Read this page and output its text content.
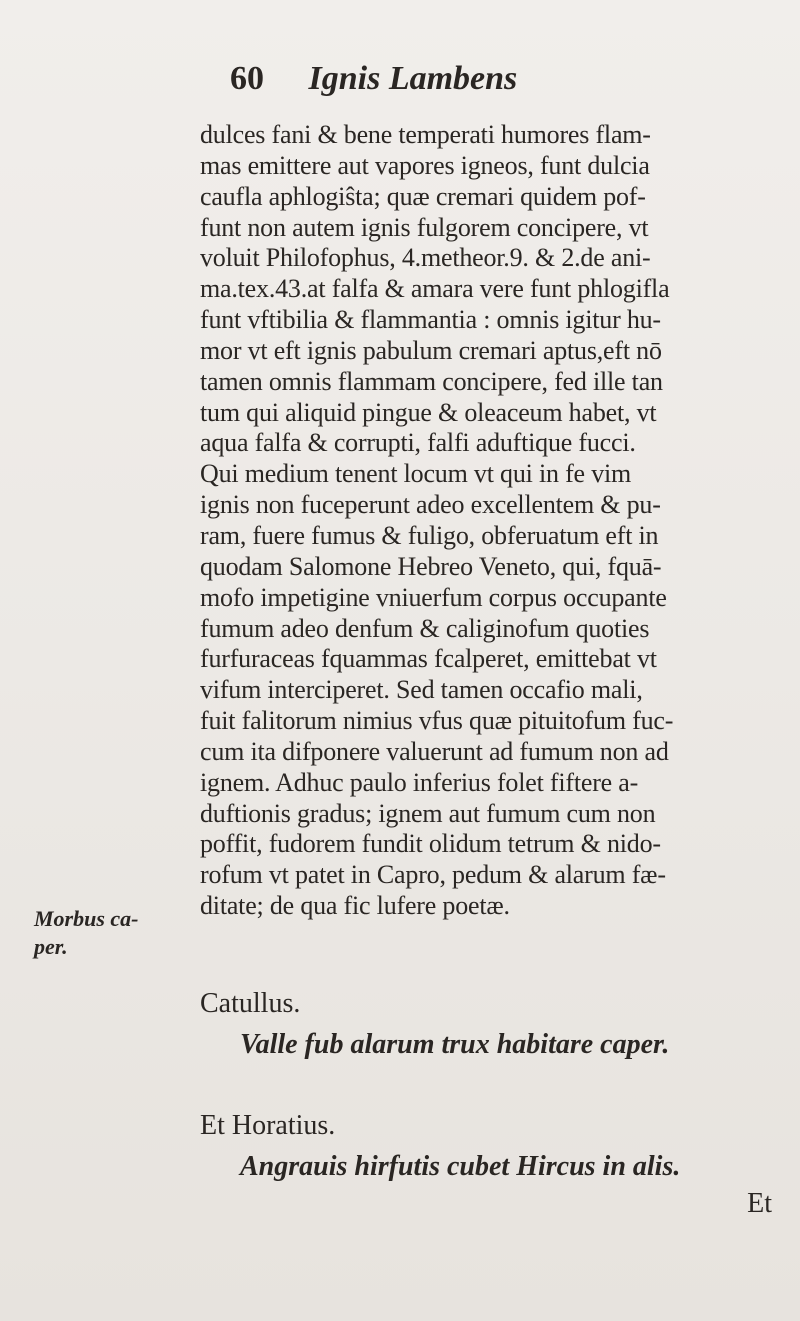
60 Ignis Lambens
dulces fani & bene temperati humores flam-
mas emittere aut vapores igneos, funt dulcia
caufla aphlogiŝta; quæ cremari quidem pof-
funt non autem ignis fulgorem concipere, vt
voluit Philofophus, 4.metheor.9. & 2.de ani-
ma.tex.43.at falfa & amara vere funt phlogifla
funt vftibilia & flammantia : omnis igitur hu-
mor vt eft ignis pabulum cremari aptus,eft nō
tamen omnis flammam concipere, fed ille tan
tum qui aliquid pingue & oleaceum habet, vt
aqua falfa & corrupti, falfi aduftique fucci.
Qui medium tenent locum vt qui in fe vim
ignis non fuceperunt adeo excellentem & pu-
ram, fuere fumus & fuligo, obferuatum eft in
quodam Salomone Hebreo Veneto, qui, fquā-
mofo impetigine vniuerfum corpus occupante
fumum adeo denfum & caliginofum quoties
furfuraceas fquammas fcalperet, emittebat vt
vifum interciperet. Sed tamen occafio mali,
fuit falitorum nimius vfus quæ pituitofum fuc-
cum ita difponere valuerunt ad fumum non ad
ignem. Adhuc paulo inferius folet fiftere a-
duftionis gradus; ignem aut fumum cum non
poffit, fudorem fundit olidum tetrum & nido-
rofum vt patet in Capro, pedum & alarum fæ-
ditate; de qua fic lufere poetæ.
Catullus.
Valle fub alarum trux habitare caper.
Et Horatius.
Angrauis hirfutis cubet Hircus in alis.
Et
Morbus ca-
per.
